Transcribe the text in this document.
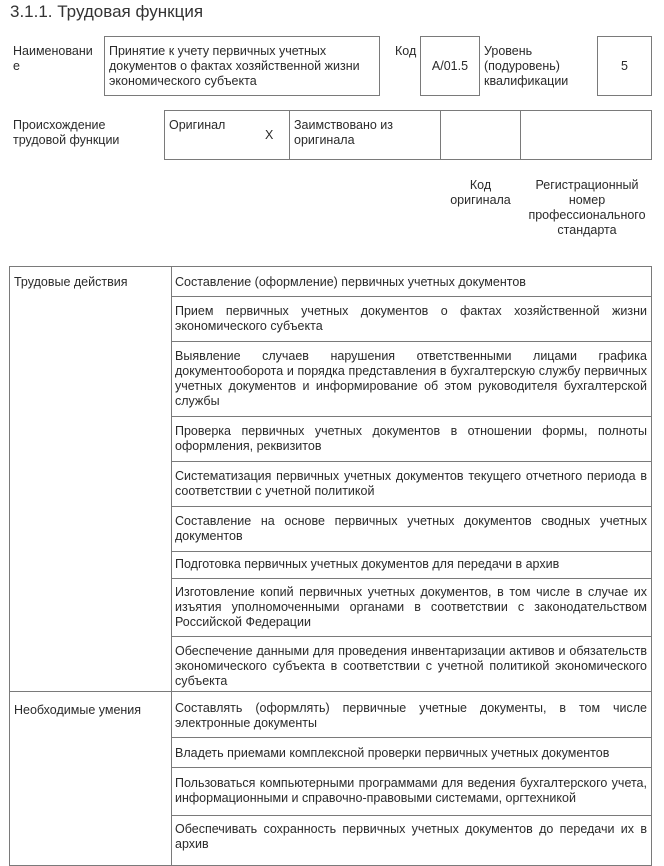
3.1.1. Трудовая функция
Наименовани
е
Принятие к учету первичных учетных документов о фактах хозяйственной жизни экономического субъекта
Код
A/01.5
Уровень (подуровень) квалификации
5
Происхождение трудовой функции
Оригинал
X
Заимствовано из оригинала
Код оригинала
Регистрационный номер профессионального стандарта
Трудовые действия
Необходимые умения
Составление (оформление) первичных учетных документов
Прием первичных учетных документов о фактах хозяйственной жизни экономического субъекта
Выявление случаев нарушения ответственными лицами графика документооборота и порядка представления в бухгалтерскую службу первичных учетных документов и информирование об этом руководителя бухгалтерской службы
Проверка первичных учетных документов в отношении формы, полноты оформления, реквизитов
Систематизация первичных учетных документов текущего отчетного периода в соответствии с учетной политикой
Составление на основе первичных учетных документов сводных учетных документов
Подготовка первичных учетных документов для передачи в архив
Изготовление копий первичных учетных документов, в том числе в случае их изъятия уполномоченными органами в соответствии с законодательством Российской Федерации
Обеспечение данными для проведения инвентаризации активов и обязательств экономического субъекта в соответствии с учетной политикой экономического субъекта
Составлять (оформлять) первичные учетные документы, в том числе электронные документы
Владеть приемами комплексной проверки первичных учетных документов
Пользоваться компьютерными программами для ведения бухгалтерского учета, информационными и справочно-правовыми системами, оргтехникой
Обеспечивать сохранность первичных учетных документов до передачи их в архив
